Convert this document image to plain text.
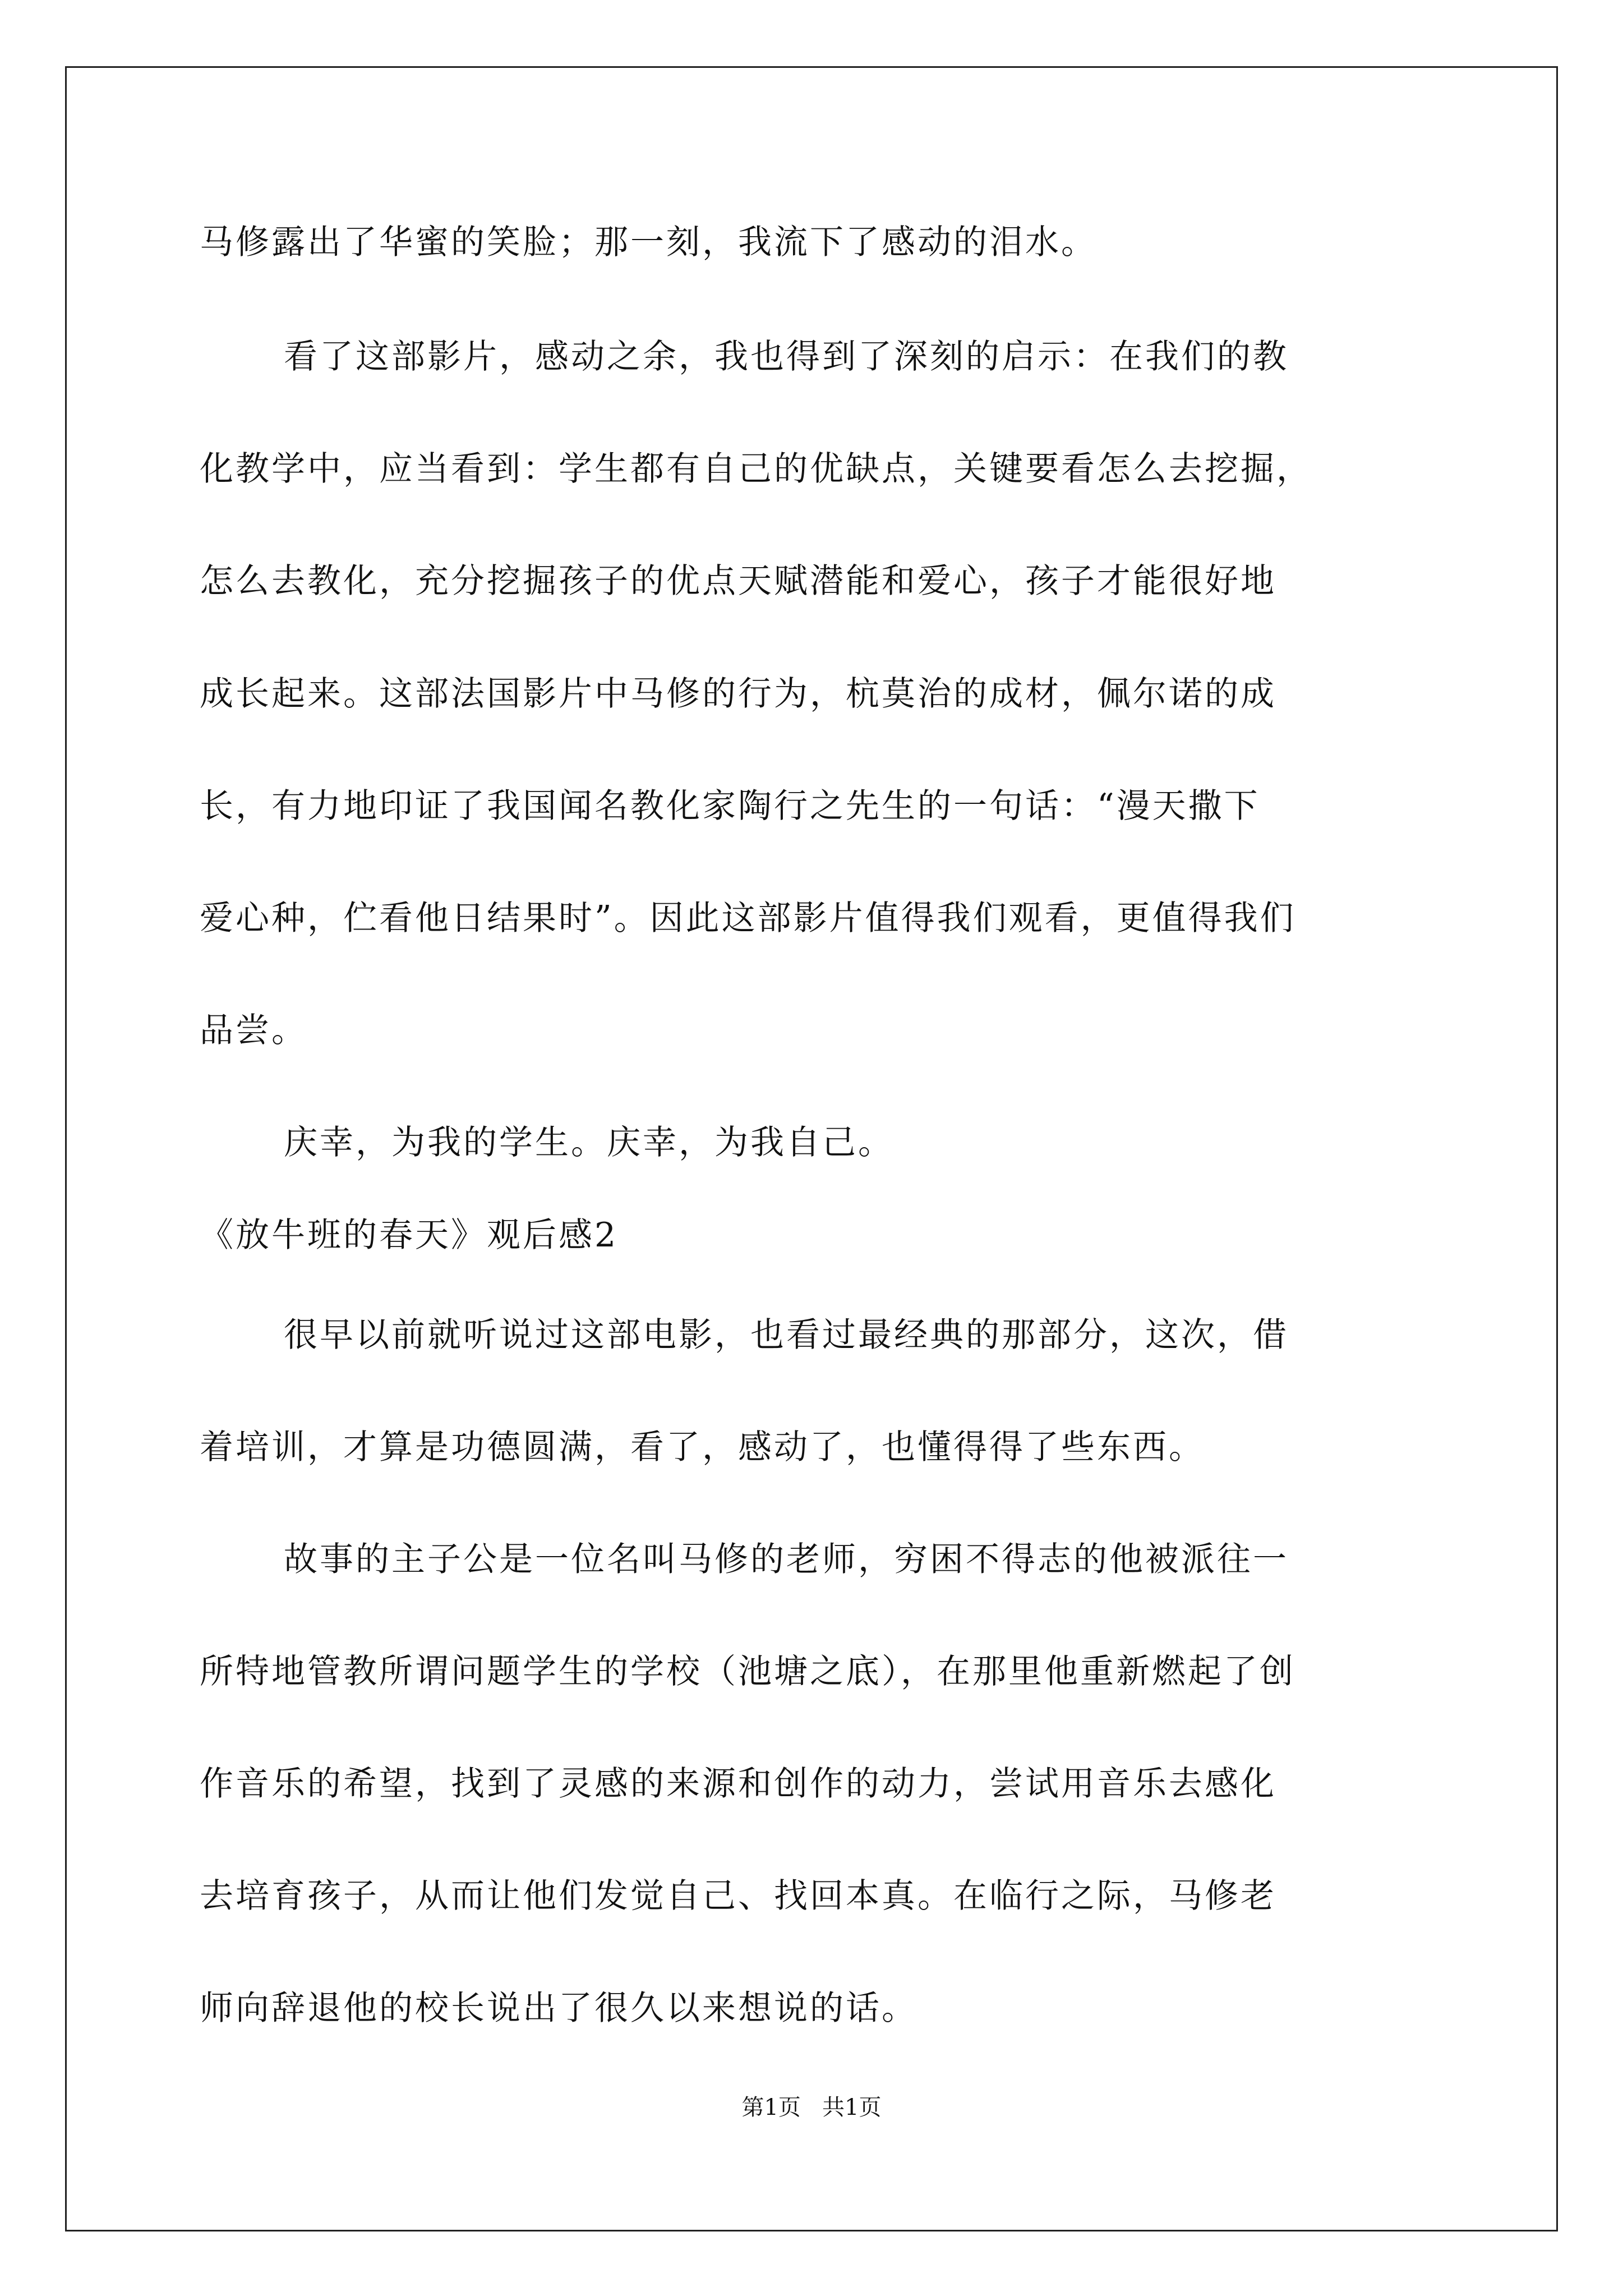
马修露出了华蜜的笑脸；那一刻，我流下了感动的泪水。
看了这部影片，感动之余，我也得到了深刻的启示：在我们的教
化教学中，应当看到：学生都有自己的优缺点，关键要看怎么去挖掘，
怎么去教化，充分挖掘孩子的优点天赋潜能和爱心，孩子才能很好地
成长起来。这部法国影片中马修的行为，杭莫治的成材，佩尔诺的成
长，有力地印证了我国闻名教化家陶行之先生的一句话：“漫天撒下
爱心种，伫看他日结果时”。因此这部影片值得我们观看，更值得我们
品尝。
庆幸，为我的学生。庆幸，为我自己。
《放牛班的春天》观后感2
很早以前就听说过这部电影，也看过最经典的那部分，这次，借
着培训，才算是功德圆满，看了，感动了，也懂得得了些东西。
故事的主子公是一位名叫马修的老师，穷困不得志的他被派往一
所特地管教所谓问题学生的学校（池塘之底），在那里他重新燃起了创
作音乐的希望，找到了灵感的来源和创作的动力，尝试用音乐去感化
去培育孩子，从而让他们发觉自己、找回本真。在临行之际，马修老
师向辞退他的校长说出了很久以来想说的话。
第1页   共1页
